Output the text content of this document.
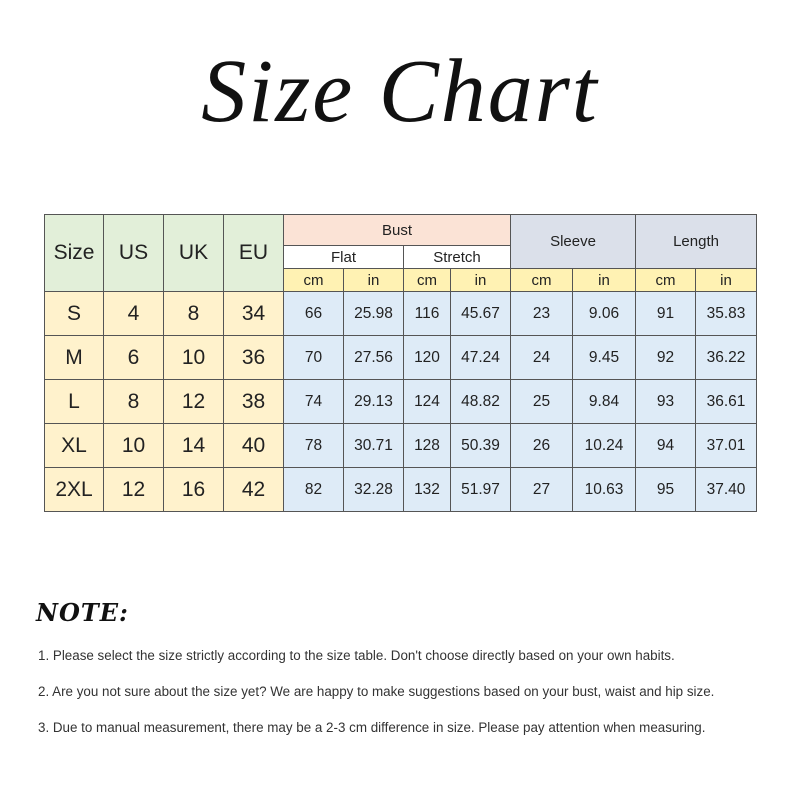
Size Chart
Size	US	UK	EU	Bust				Sleeve		Length	
				Flat		Stretch					
				cm	in	cm	in	cm	in	cm	in
S	4	8	34	66	25.98	116	45.67	23	9.06	91	35.83
M	6	10	36	70	27.56	120	47.24	24	9.45	92	36.22
L	8	12	38	74	29.13	124	48.82	25	9.84	93	36.61
XL	10	14	40	78	30.71	128	50.39	26	10.24	94	37.01
2XL	12	16	42	82	32.28	132	51.97	27	10.63	95	37.40
NOTE:
1. Please select the size strictly according to the size table. Don't choose directly based on your own habits.
2. Are you not sure about the size yet? We are happy to make suggestions based on your bust, waist and hip size.
3. Due to manual measurement, there may be a 2-3 cm difference in size. Please pay attention when measuring.
